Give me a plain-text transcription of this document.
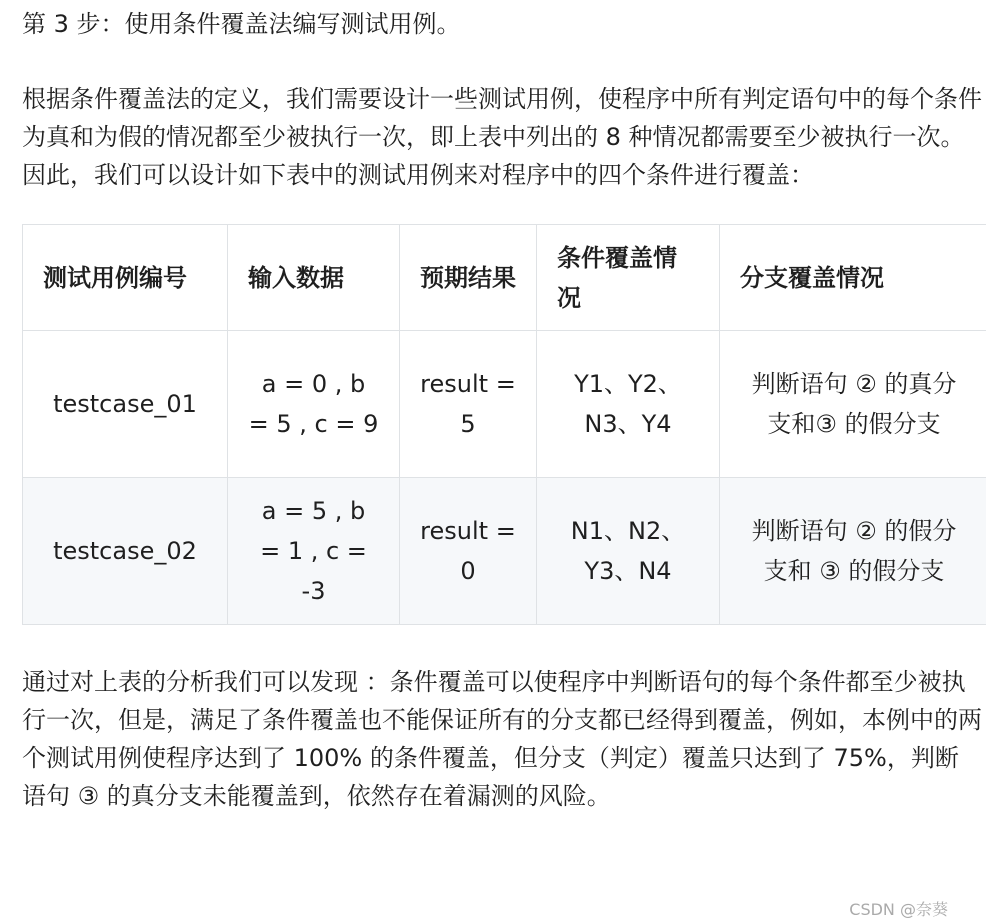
第 3 步：使用条件覆盖法编写测试用例。

根据条件覆盖法的定义，我们需要设计一些测试用例，使程序中所有判定语句中的每个条件为真和为假的情况都至少被执行一次，即上表中列出的 8 种情况都需要至少被执行一次。因此，我们可以设计如下表中的测试用例来对程序中的四个条件进行覆盖：

测试用例编号	输入数据	预期结果	条件覆盖情况	分支覆盖情况
testcase_01	a = 0 , b = 5 , c = 9	result = 5	Y1、Y2、N3、Y4	判断语句 ② 的真分支和③ 的假分支
testcase_02	a = 5 , b = 1 , c = -3	result = 0	N1、N2、Y3、N4	判断语句 ② 的假分支和 ③ 的假分支

通过对上表的分析我们可以发现 ：条件覆盖可以使程序中判断语句的每个条件都至少被执行一次，但是，满足了条件覆盖也不能保证所有的分支都已经得到覆盖，例如，本例中的两个测试用例使程序达到了 100% 的条件覆盖，但分支（判定）覆盖只达到了 75%，判断语句 ③ 的真分支未能覆盖到，依然存在着漏测的风险。

CSDN @奈葵
